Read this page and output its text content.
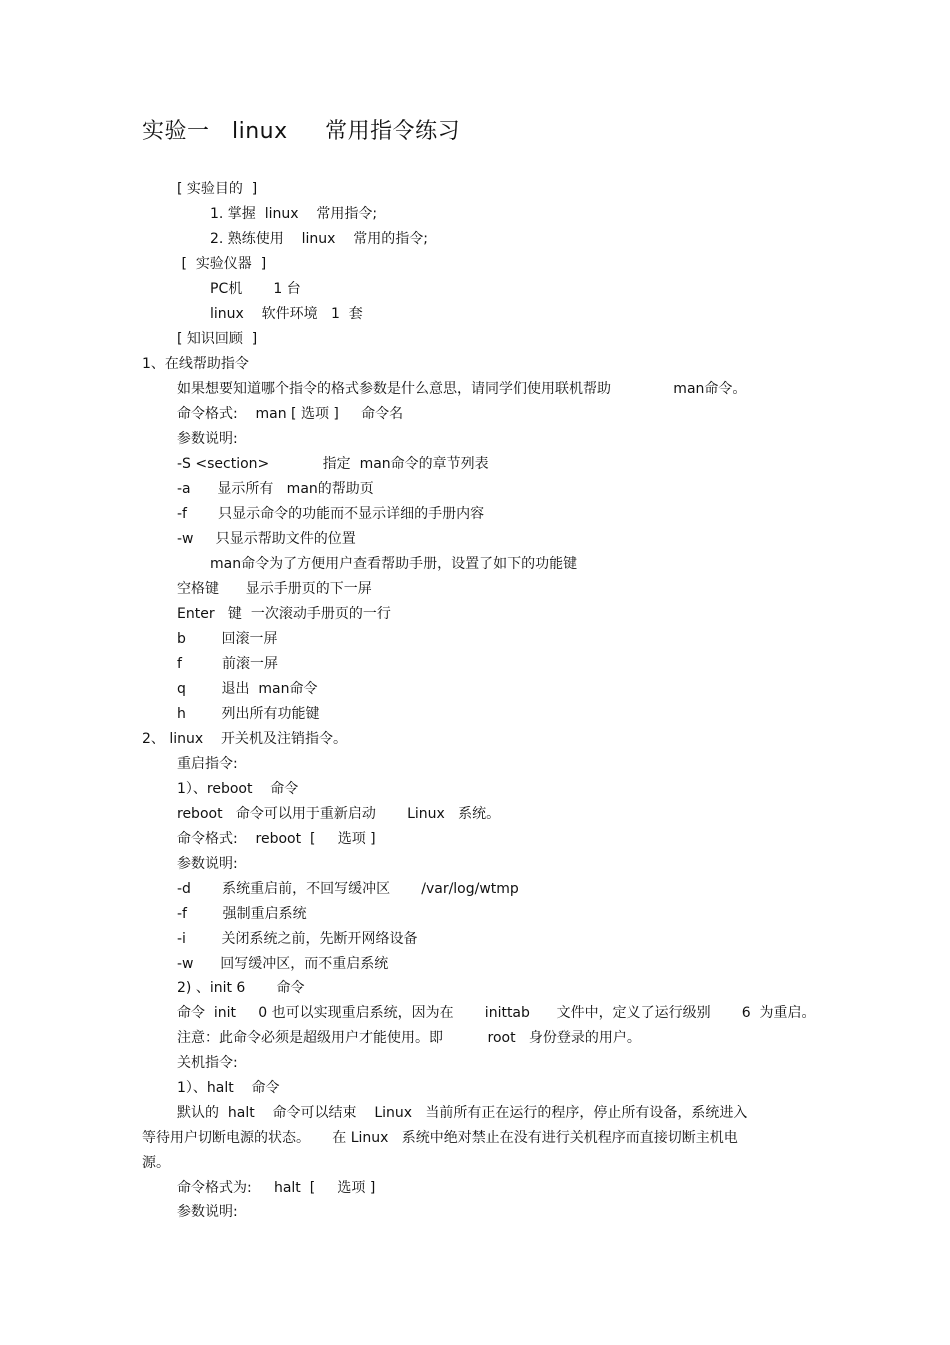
实验一   linux     常用指令练习
[ 实验目的  ]
1. 掌握  linux    常用指令;
2. 熟练使用    linux    常用的指令;
[  实验仪器  ]
PC机       1 台
linux    软件环境   1  套
[ 知识回顾  ]
1、在线帮助指令
如果想要知道哪个指令的格式参数是什么意思，请同学们使用联机帮助              man命令。
命令格式:    man [ 选项 ]     命令名
参数说明:
-S <section>            指定  man命令的章节列表
-a      显示所有   man的帮助页
-f       只显示命令的功能而不显示详细的手册内容
-w     只显示帮助文件的位置
man命令为了方便用户查看帮助手册，设置了如下的功能键
空格键      显示手册页的下一屏
Enter   键  一次滚动手册页的一行
b        回滚一屏
f         前滚一屏
q        退出  man命令
h        列出所有功能键
2、 linux    开关机及注销指令。
重启指令:
1）、reboot    命令
reboot   命令可以用于重新启动       Linux   系统。
命令格式:    reboot  [     选项 ]
参数说明:
-d       系统重启前，不回写缓冲区       /var/log/wtmp
-f        强制重启系统
-i        关闭系统之前，先断开网络设备
-w      回写缓冲区，而不重启系统
2) 、init 6       命令
命令  init     0 也可以实现重启系统，因为在       inittab      文件中，定义了运行级别       6  为重启。
注意：此命令必须是超级用户才能使用。即          root   身份登录的用户。
关机指令:
1）、halt    命令
默认的  halt    命令可以结束    Linux   当前所有正在运行的程序，停止所有设备，系统进入
等待用户切断电源的状态。     在 Linux   系统中绝对禁止在没有进行关机程序而直接切断主机电
源。
命令格式为:     halt  [     选项 ]
参数说明:
